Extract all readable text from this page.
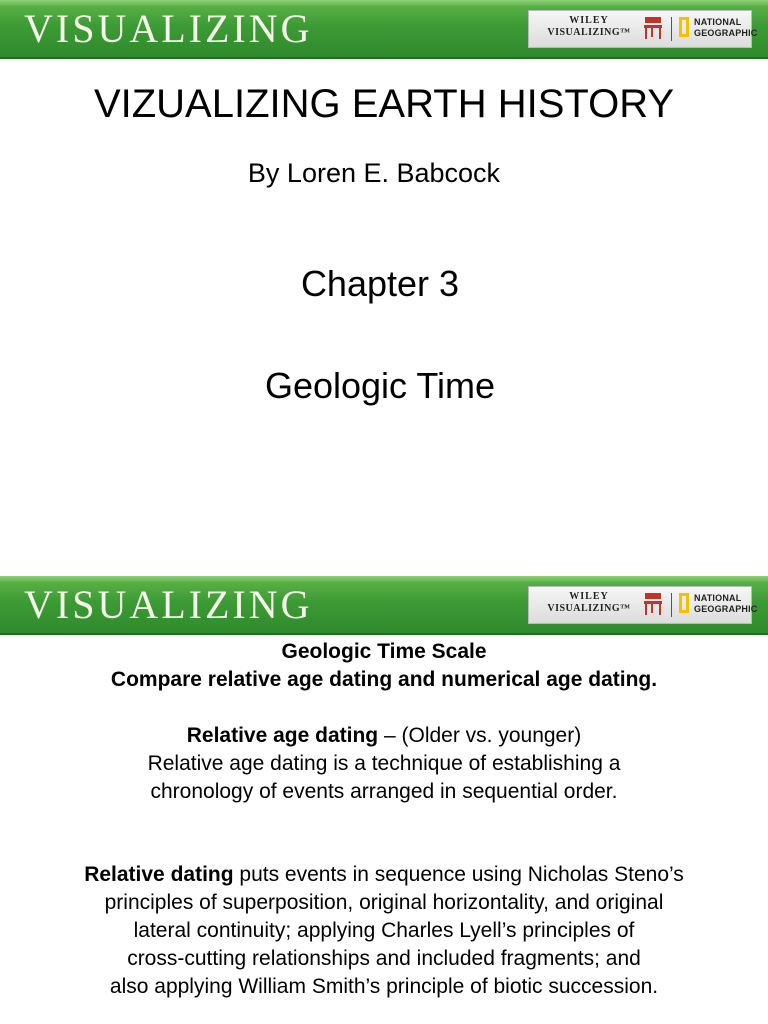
VISUALIZING	WILEY
VISUALIZING™
NATIONAL
GEOGRAPHIC
VIZUALIZING EARTH HISTORY
By Loren E. Babcock
Chapter 3
Geologic Time
VISUALIZING	WILEY
VISUALIZING™
NATIONAL
GEOGRAPHIC

Geologic Time Scale

Compare relative age dating and numerical age dating.

Relative age dating – (Older vs. younger)

Relative age dating is a technique of establishing a

chronology of events arranged in sequential order.

Relative dating puts events in sequence using Nicholas Steno’s

principles of superposition, original horizontality, and original

lateral continuity; applying Charles Lyell’s principles of

cross-cutting relationships and included fragments; and

also applying William Smith’s principle of biotic succession.
